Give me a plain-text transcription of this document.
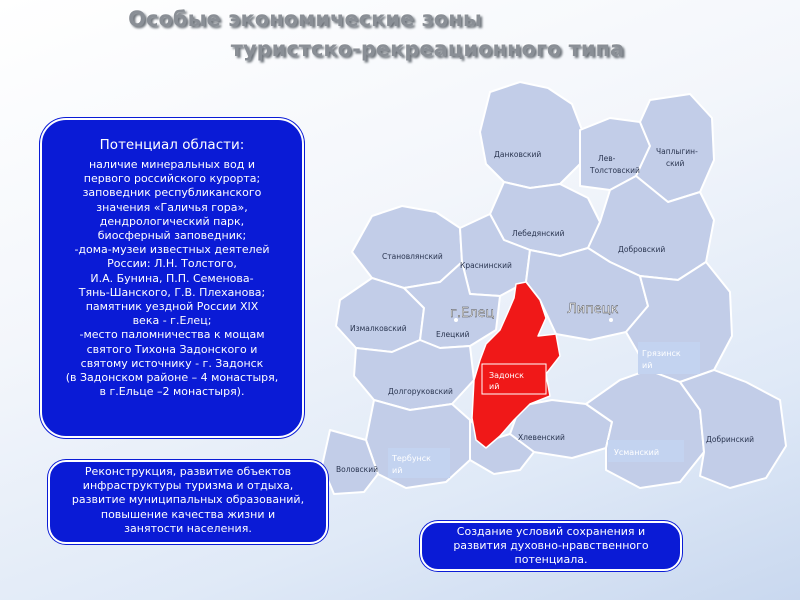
Задонск
ий
Грязинск
ий
Тербунск
ий
Усманский
Данковский	Лев-
Толстовский
Чаплыгин-
ский
Лебедянский
Добровский
Становлянский
Краснинский
Измалковский
Елецкий
Долгоруковский
Хлевенский	Добринский
Воловский
г.Елец	Липецк
Особые экономические зоны
туристско-рекреационного типа
Потенциал области:
наличие минеральных вод и
первого российского курорта;
заповедник республиканского
значения «Галичья гора»,
дендрологический парк,
биосферный заповедник;
-дома-музеи известных деятелей
России: Л.Н. Толстого,
И.А. Бунина, П.П. Семенова-
Тянь-Шанского, Г.В. Плеханова;
памятник уездной России XIX
века - г.Елец;
-место паломничества к мощам
святого Тихона Задонского и
святому источнику - г. Задонск
(в Задонском районе – 4 монастыря,
в г.Ельце –2 монастыря).
Реконструкция, развитие объектов
инфраструктуры туризма и отдыха,
развитие муниципальных образований,
повышение качества жизни и
занятости населения.	Создание условий сохранения и
развития духовно-нравственного
потенциала.
